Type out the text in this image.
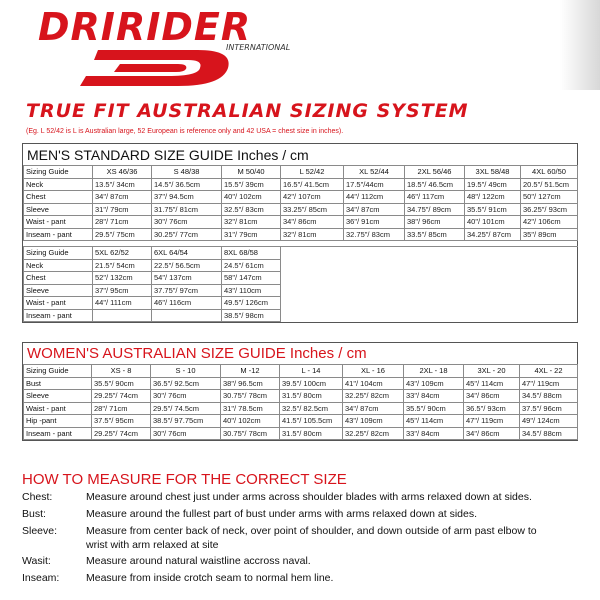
DRIRIDER
INTERNATIONAL
TRUE FIT AUSTRALIAN SIZING SYSTEM
(Eg. L 52/42 is L is Australian large, 52 European is reference only and 42 USA = chest size in inches).
MEN'S STANDARD SIZE GUIDE Inches / cm
Sizing Guide	XS 46/36	S 48/38	M 50/40	L 52/42	XL 52/44	2XL 56/46	3XL 58/48	4XL 60/50
Neck	13.5"/ 34cm	14.5"/ 36.5cm	15.5"/ 39cm	16.5"/ 41.5cm	17.5"/44cm	18.5"/ 46.5cm	19.5"/ 49cm	20.5"/ 51.5cm
Chest	34"/ 87cm	37"/ 94.5cm	40"/ 102cm	42"/ 107cm	44"/ 112cm	46"/ 117cm	48"/ 122cm	50"/ 127cm
Sleeve	31"/ 79cm	31.75"/ 81cm	32.5"/ 83cm	33.25"/ 85cm	34"/ 87cm	34.75"/ 89cm	35.5"/ 91cm	36.25"/ 93cm
Waist - pant	28"/ 71cm	30"/ 76cm	32"/ 81cm	34"/ 86cm	36"/ 91cm	38"/ 96cm	40"/ 101cm	42"/ 106cm
Inseam - pant	29.5"/ 75cm	30.25"/ 77cm	31"/ 79cm	32"/ 81cm	32.75"/ 83cm	33.5"/ 85cm	34.25"/ 87cm	35"/ 89cm

Sizing Guide	5XL 62/52	6XL 64/54	8XL 68/58					
Neck	21.5"/ 54cm	22.5"/ 56.5cm	24.5"/ 61cm					
Chest	52"/ 132cm	54"/ 137cm	58"/ 147cm					
Sleeve	37"/ 95cm	37.75"/ 97cm	43"/ 110cm					
Waist - pant	44"/ 111cm	46"/ 116cm	49.5"/ 126cm					
Inseam - pant			38.5"/ 98cm					
WOMEN'S AUSTRALIAN SIZE GUIDE Inches / cm
Sizing Guide	XS - 8	S - 10	M -12	L - 14	XL - 16	2XL - 18	3XL - 20	4XL - 22
Bust	35.5"/ 90cm	36.5"/ 92.5cm	38"/ 96.5cm	39.5"/ 100cm	41"/ 104cm	43"/ 109cm	45"/ 114cm	47"/ 119cm
Sleeve	29.25"/ 74cm	30"/ 76cm	30.75"/ 78cm	31.5"/ 80cm	32.25"/ 82cm	33"/ 84cm	34"/ 86cm	34.5"/ 88cm
Waist - pant	28"/ 71cm	29.5"/ 74.5cm	31"/ 78.5cm	32.5"/ 82.5cm	34"/ 87cm	35.5"/ 90cm	36.5"/ 93cm	37.5"/ 96cm
Hip -pant	37.5"/ 95cm	38.5"/ 97.75cm	40"/ 102cm	41.5"/ 105.5cm	43"/ 109cm	45"/ 114cm	47"/ 119cm	49"/ 124cm
Inseam - pant	29.25"/ 74cm	30"/ 76cm	30.75"/ 78cm	31.5"/ 80cm	32.25"/ 82cm	33"/ 84cm	34"/ 86cm	34.5"/ 88cm
HOW TO MEASURE FOR THE CORRECT SIZE
Chest:	Measure around chest just under arms across shoulder blades with arms relaxed down at sides.
Bust:	Measure around the fullest part of bust under arms with arms relaxed down at sides.
Sleeve:	Measure from center back of neck, over point of shoulder, and down outside of arm past elbow to
wrist with arm relaxed at site
Wasit:	Measure around natural waistline accross naval.
Inseam:	Measure from inside crotch seam to normal hem line.
